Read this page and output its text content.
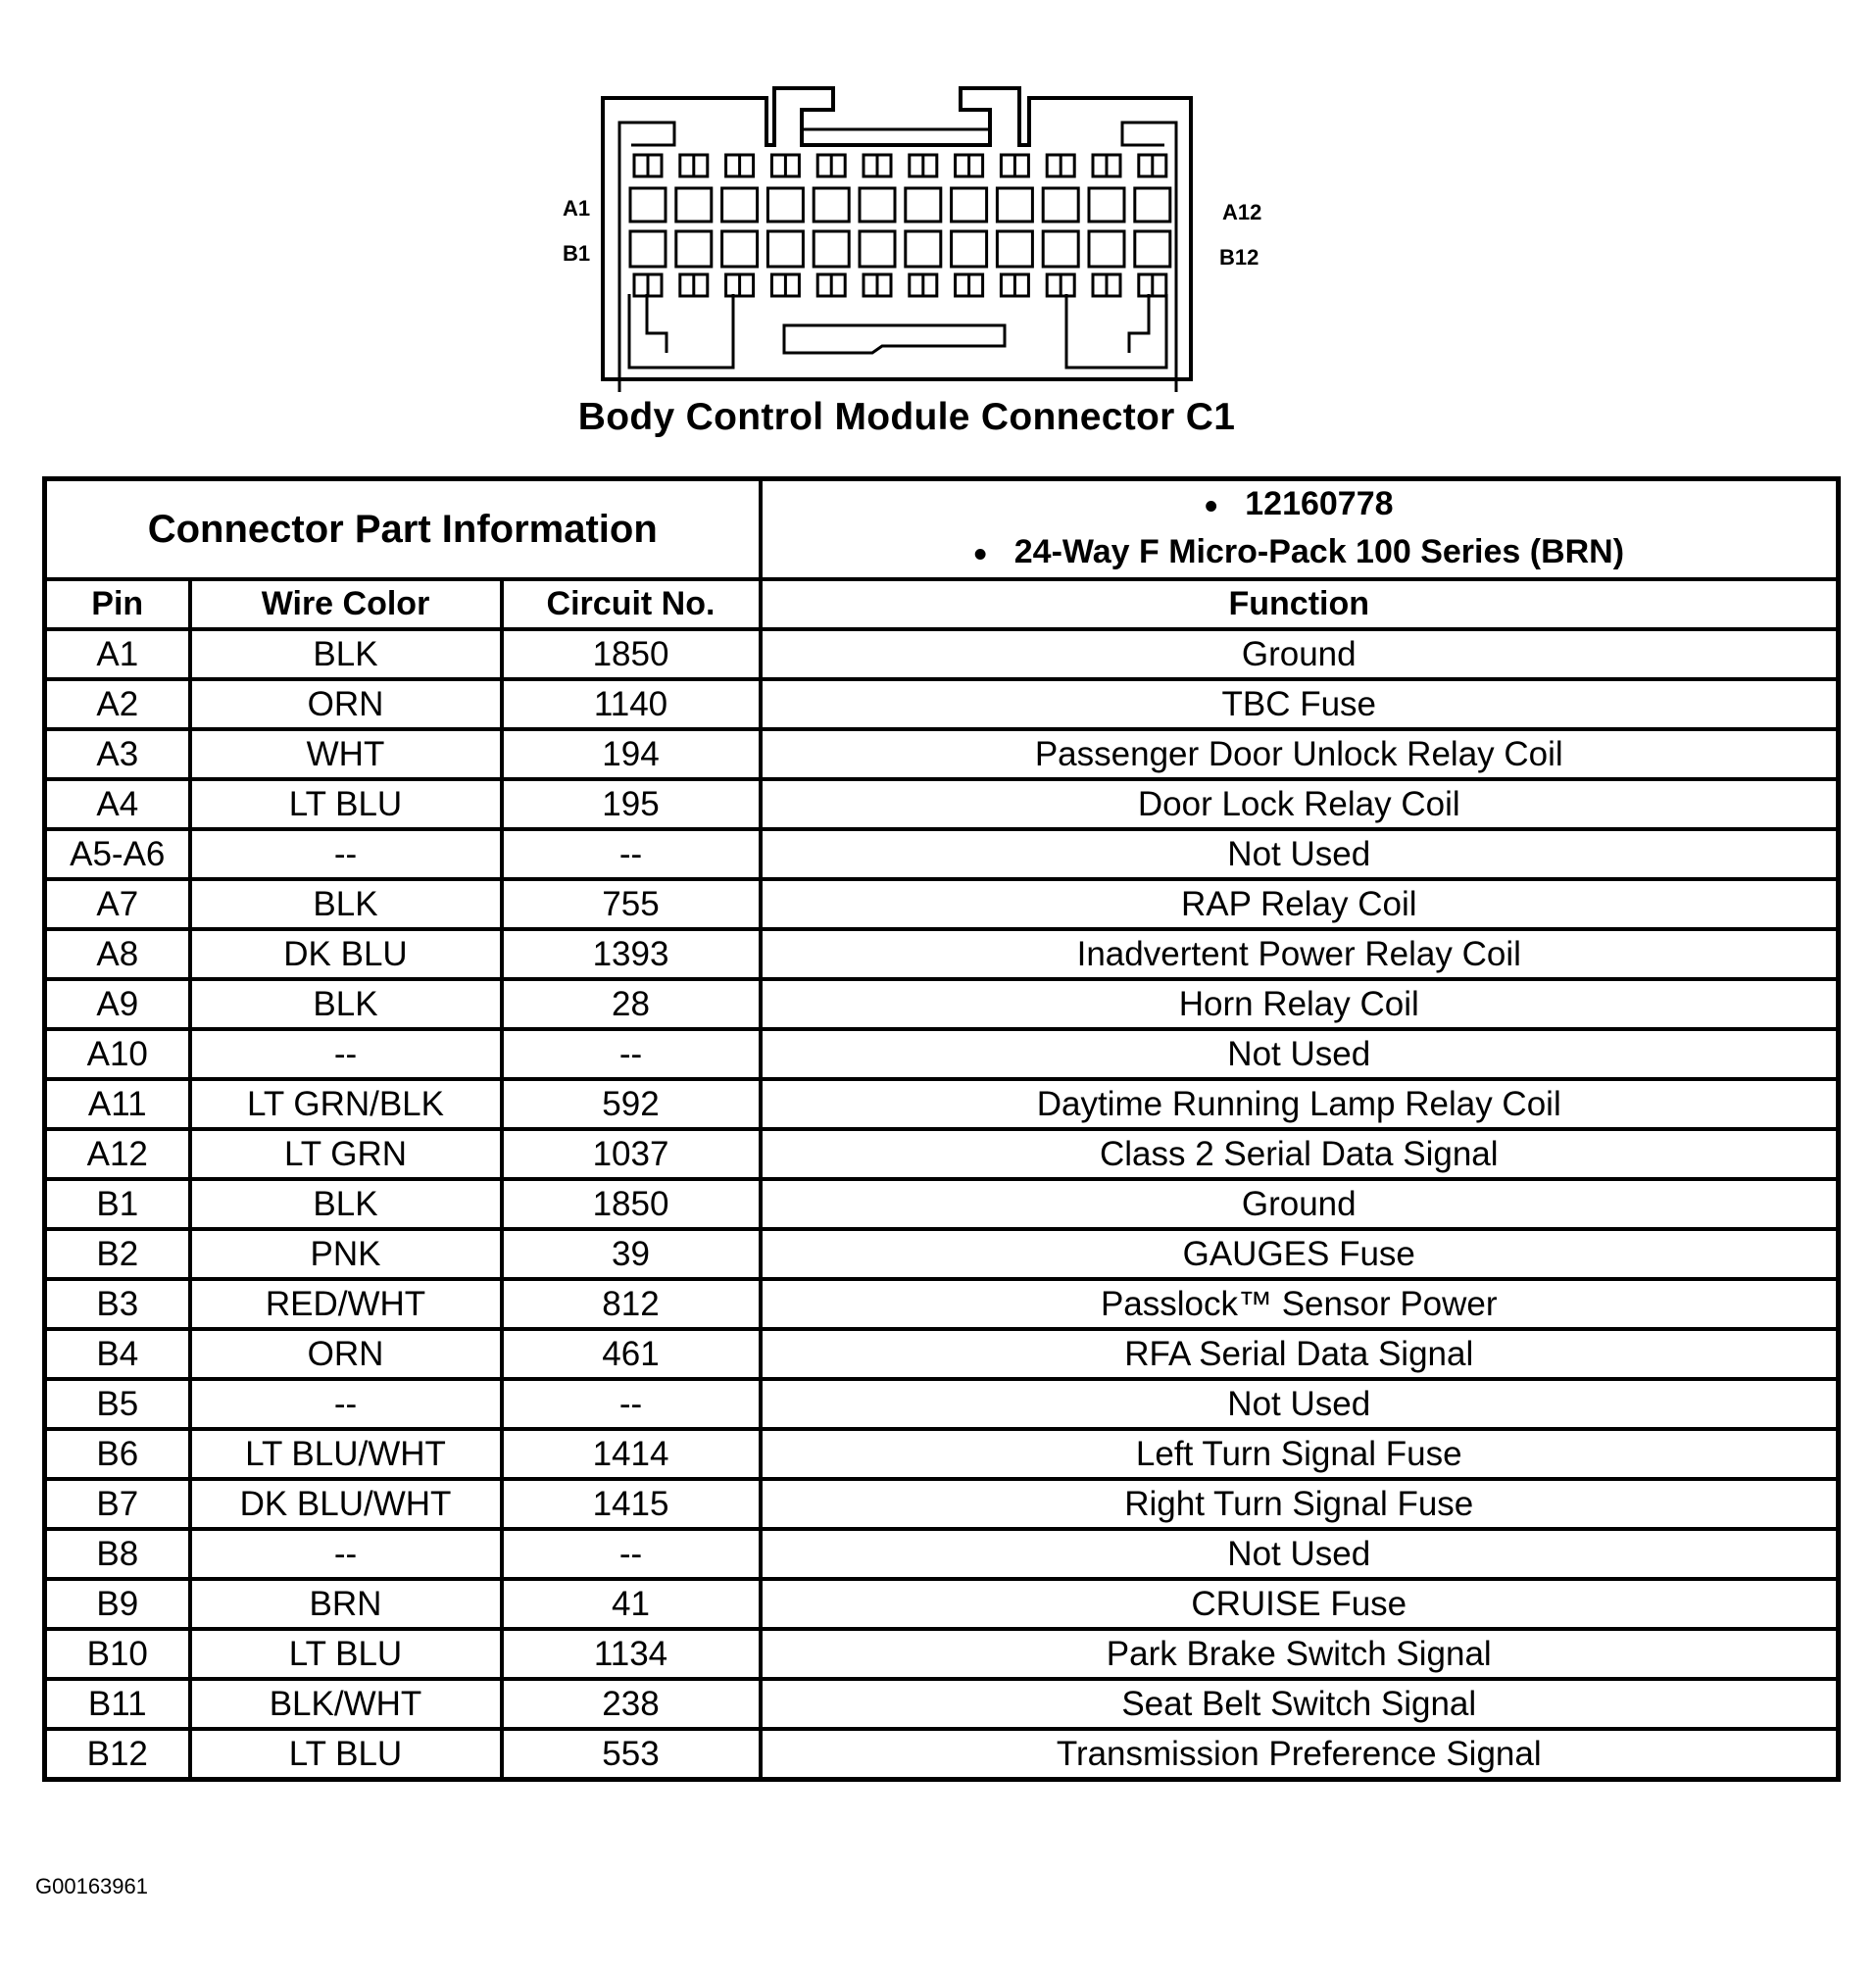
A1
B1
A12
B12
Body Control Module Connector C1
Connector Part Information			• 12160778
• 24-Way F Micro-Pack 100 Series (BRN)

Pin	Wire Color	Circuit No.	Function
A1	BLK	1850	Ground
A2	ORN	1140	TBC Fuse
A3	WHT	194	Passenger Door Unlock Relay Coil
A4	LT BLU	195	Door Lock Relay Coil
A5-A6	--	--	Not Used
A7	BLK	755	RAP Relay Coil
A8	DK BLU	1393	Inadvertent Power Relay Coil
A9	BLK	28	Horn Relay Coil
A10	--	--	Not Used
A11	LT GRN/BLK	592	Daytime Running Lamp Relay Coil
A12	LT GRN	1037	Class 2 Serial Data Signal
B1	BLK	1850	Ground
B2	PNK	39	GAUGES Fuse
B3	RED/WHT	812	Passlock™ Sensor Power
B4	ORN	461	RFA Serial Data Signal
B5	--	--	Not Used
B6	LT BLU/WHT	1414	Left Turn Signal Fuse
B7	DK BLU/WHT	1415	Right Turn Signal Fuse
B8	--	--	Not Used
B9	BRN	41	CRUISE Fuse
B10	LT BLU	1134	Park Brake Switch Signal
B11	BLK/WHT	238	Seat Belt Switch Signal
B12	LT BLU	553	Transmission Preference Signal
G00163961
